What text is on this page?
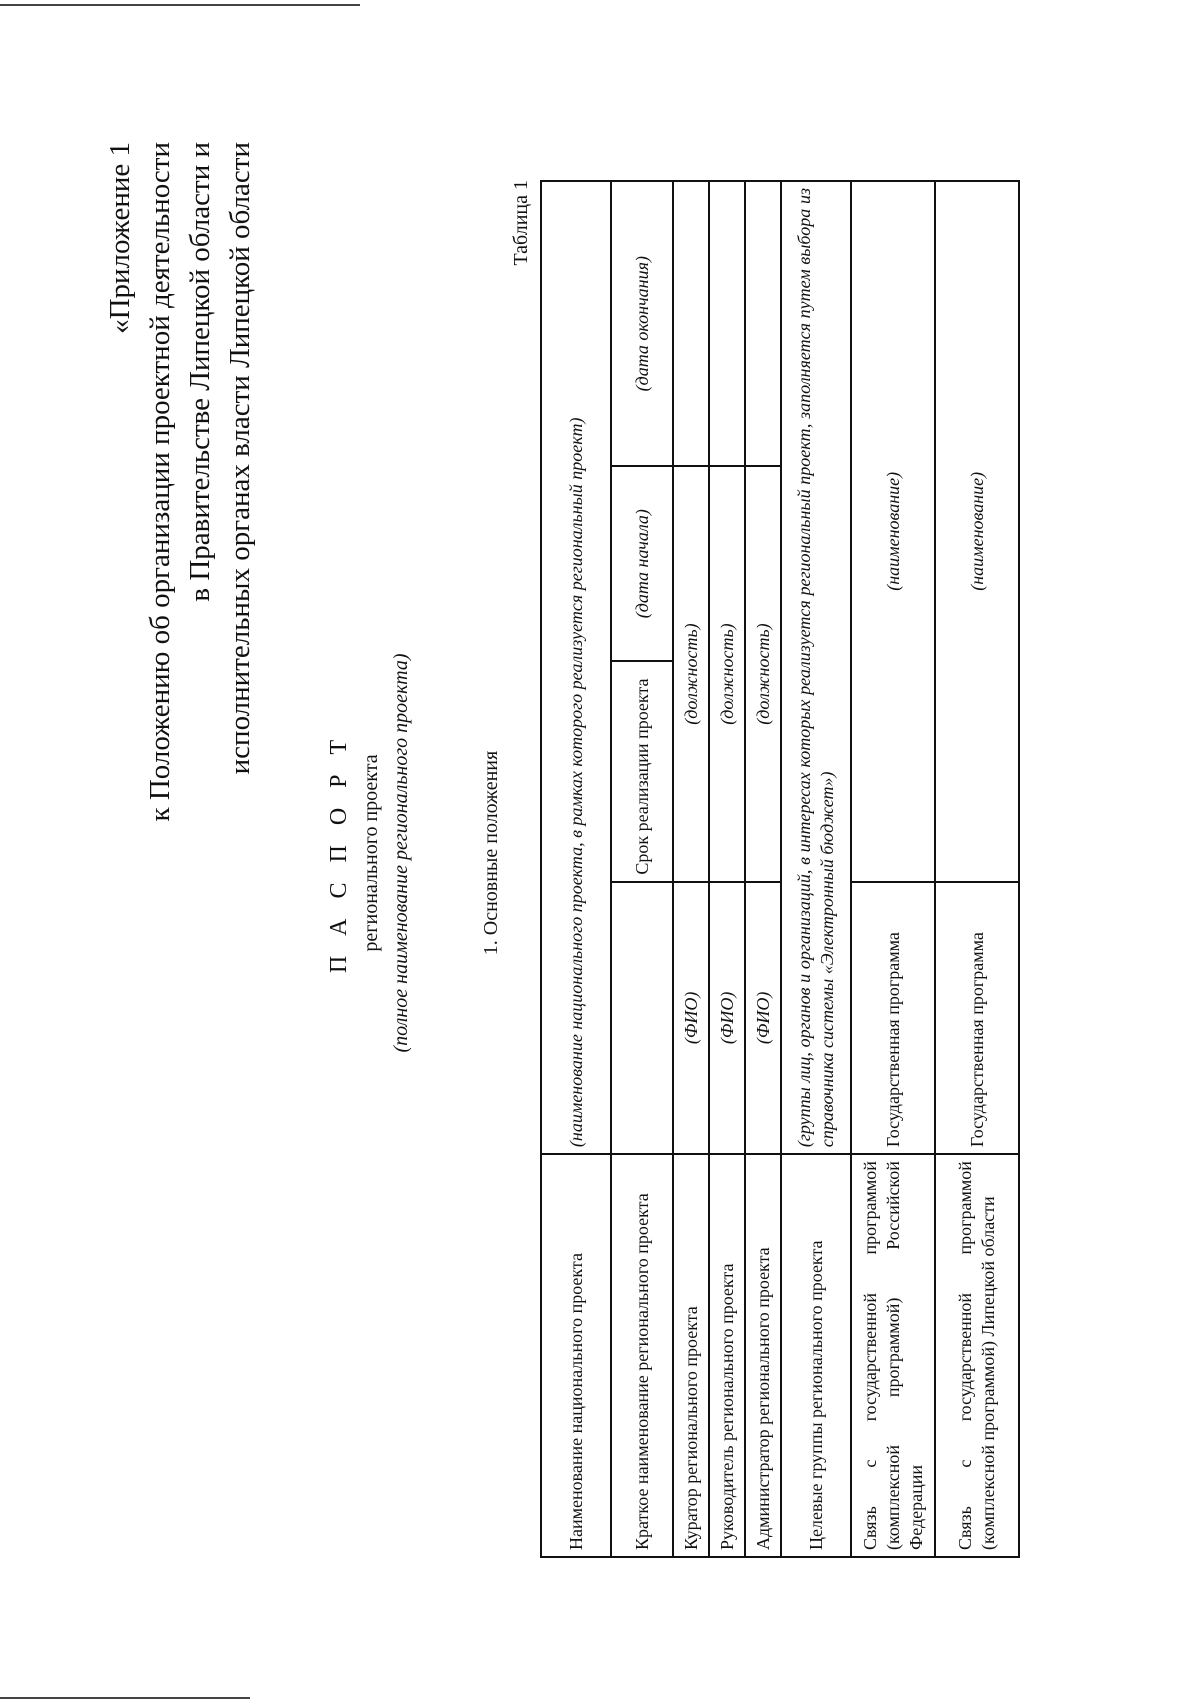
«Приложение 1 к Положению об организации проектной деятельности в Правительстве Липецкой области и исполнительных органах власти Липецкой области
П А С П О Р Т регионального проекта (полное наименование регионального проекта)	1. Основные положения
Таблица 1
Наименование национального проекта	(наименование национального проекта, в рамках которого реализуется региональный проект)			
Краткое наименование регионального проекта		Срок реализации проекта	(дата начала)	(дата окончания)
Куратор регионального проекта	(ФИО)	(должность)		
Руководитель регионального проекта	(ФИО)	(должность)		
Администратор регионального проекта	(ФИО)	(должность)		
Целевые группы регионального проекта	(группы лиц, органов и организаций, в интересах которых реализуется региональный проект, заполняется путем выбора из справочника системы «Электронный бюджет»)			
Связь с государственной программой (комплексной программой) Российской Федерации	Государственная программа	(наименование)		
Связь с государственной программой (комплексной программой) Липецкой области	Государственная программа	(наименование)		
